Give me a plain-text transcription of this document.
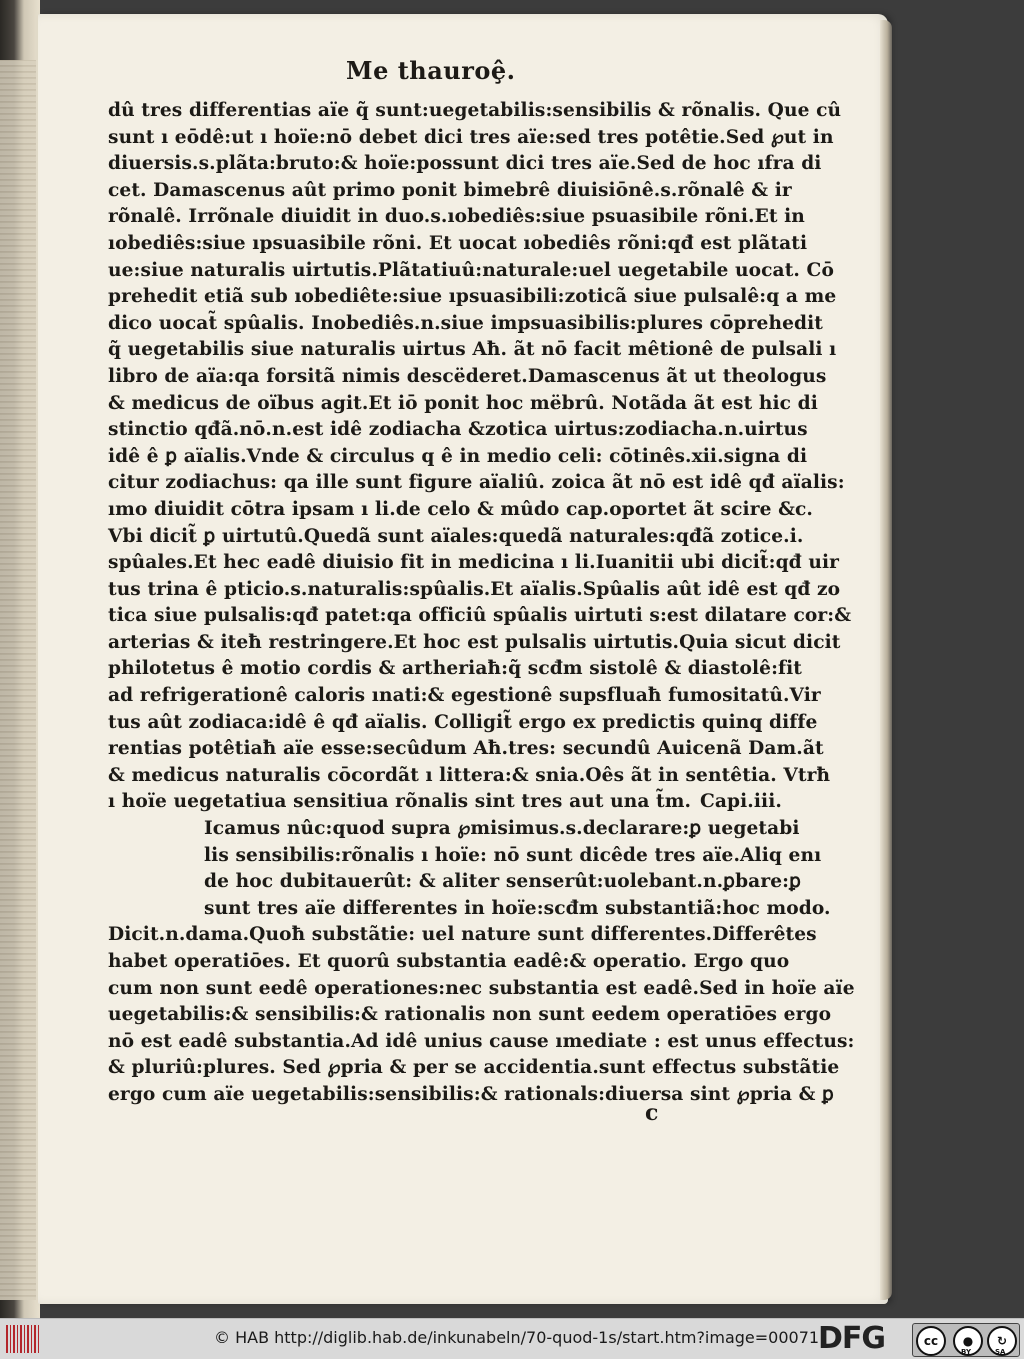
Me thauroȩ̂.
dû tres differentias aïe q̃ sunt:uegetabilis:sensibilis & rõnalis. Que cû
sunt ı eōdê:ut ı hoïe:nō debet dici tres aïe:sed tres potêtie.Sed ℘ut in
diuersis.s.plãta:bruto:& hoïe:possunt dici tres aïe.Sed de hoc ıfra di
cet. Damascenus aût primo ponit bimebrê diuisiōnê.s.rõnalê & ir
rõnalê. Irrõnale diuidit in duo.s.ıobediês:siue psuasibile rõni.Et in
ıobediês:siue ıpsuasibile rõni. Et uocat ıobediês rõni:qđ est plãtati
ue:siue naturalis uirtutis.Plãtatiuû:naturale:uel uegetabile uocat. Cō
prehedit etiã sub ıobediête:siue ıpsuasibili:zoticã siue pulsalê:q a me
dico uocat̃ spûalis. Inobediês.n.siue impsuasibilis:plures cōprehedit
q̃ uegetabilis siue naturalis uirtus Aħ. ãt nō facit mêtionê de pulsali ı
libro de aïa:qa forsitã nimis descëderet.Damascenus ãt ut theologus
& medicus de oïbus agit.Et iō ponit hoc mëbrû. Notãda ãt est hic di
stinctio qđã.nō.n.est idê zodiacha &zotica uirtus:zodiacha.n.uirtus
idê ê ꝑ aïalis.Vnde & circulus q ê in medio celi: cōtinês.xii.signa di
citur zodiachus: qa ille sunt figure aïaliû. zoica ãt nō est idê qđ aïalis:
ımo diuidit cōtra ipsam ı li.de celo & mûdo cap.oportet ãt scire &c.
Vbi dicit̃ ꝑ uirtutû.Quedã sunt aïales:quedã naturales:qđã zotice.i.
spûales.Et hec eadê diuisio fit in medicina ı li.Iuanitii ubi dicit̃:qđ uir
tus trina ê pticio.s.naturalis:spûalis.Et aïalis.Spûalis aût idê est qđ zo
tica siue pulsalis:qđ patet:qa officiû spûalis uirtuti s:est dilatare cor:&
arterias & iteħ restringere.Et hoc est pulsalis uirtutis.Quia sicut dicit
philotetus ê motio cordis & artheriaħ:q̃ scđm sistolê & diastolê:fit
ad refrigerationê caloris ınati:& egestionê supsfluaħ fumositatû.Vir
tus aût zodiaca:idê ê qđ aïalis. Colligit̃ ergo ex predictis quinq̧ diffe
rentias potêtiaħ aïe esse:secûdum Aħ.tres: secundû Auicenã Dam.ãt
& medicus naturalis cōcordãt ı littera:& snia.Oês ãt in sentêtia. Vtrħ
ı hoïe uegetatiua sensitiua rõnalis sint tres aut una t̃m. Capi.iii.
Icamus nûc:quod supra ℘misimus.s.declarare:ꝑ uegetabi
lis sensibilis:rõnalis ı hoïe: nō sunt dicêde tres aïe.Aliq enı
de hoc dubitauerût: & aliter senserût:uolebant.n.ꝑbare:ꝑ
sunt tres aïe differentes in hoïe:scđm substantiã:hoc modo.
Dicit.n.dama.Quoħ substãtie: uel nature sunt differentes.Differêtes
habet operatiōes. Et quorû substantia eadê:& operatio. Ergo quo
cum non sunt eedê operationes:nec substantia est eadê.Sed in hoïe aïe
uegetabilis:& sensibilis:& rationalis non sunt eedem operatiōes ergo
nō est eadê substantia.Ad idê unius cause ımediate : est unus effectus:
& pluriû:plures. Sed ℘pria & per se accidentia.sunt effectus substãtie
ergo cum aïe uegetabilis:sensibilis:& rationals:diuersa sint ℘pria & ꝑ
c
© HAB http://diglib.hab.de/inkunabeln/70-quod-1s/start.htm?image=00071
DFG	cc	●	↻
BY	SA
